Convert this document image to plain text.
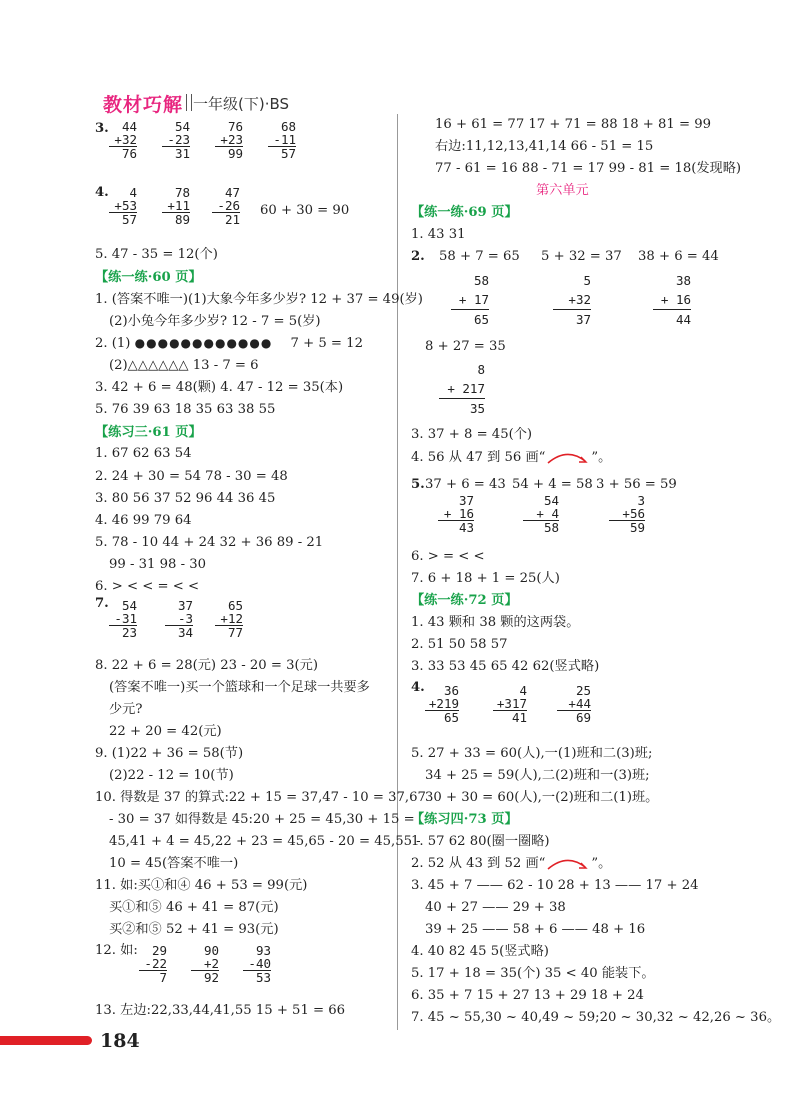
教材巧解 一年级(下)·BS
3.	44
+32
76
54
-23
31
76
+23
99
68
-11
57
4.	4
+53
57
78
+11
89
47
-26
21
60 + 30 = 90
5. 47 - 35 = 12(个)
【练一练·60 页】
1. (答案不唯一)(1)大象今年多少岁? 12 + 37 = 49(岁)
(2)小兔今年多少岁? 12 - 7 = 5(岁)
2. (1) ●●●●●●●●●●●● 7 + 5 = 12
(2)△△△△△△ 13 - 7 = 6
3. 42 + 6 = 48(颗) 4. 47 - 12 = 35(本)
5. 76 39 63 18 35 63 38 55
【练习三·61 页】
1. 67 62 63 54
2. 24 + 30 = 54 78 - 30 = 48
3. 80 56 37 52 96 44 36 45
4. 46 99 79 64
5. 78 - 10 44 + 24 32 + 36 89 - 21
99 - 31 98 - 30
6. > < < = < <
7.	54
-31
23
37
-3
34
65
+12
77
8. 22 + 6 = 28(元) 23 - 20 = 3(元)
(答案不唯一)买一个篮球和一个足球一共要多
少元?
22 + 20 = 42(元)
9. (1)22 + 36 = 58(节)
(2)22 - 12 = 10(节)
10. 得数是 37 的算式:22 + 15 = 37,47 - 10 = 37,67
- 30 = 37 如得数是 45:20 + 25 = 45,30 + 15 =
45,41 + 4 = 45,22 + 23 = 45,65 - 20 = 45,55 -
10 = 45(答案不唯一)
11. 如:买①和④ 46 + 53 = 99(元)
买①和⑤ 46 + 41 = 87(元)
买②和⑤ 52 + 41 = 93(元)
12. 如:	29
-22
7
90
+2
92
93
-40
53
13. 左边:22,33,44,41,55 15 + 51 = 66
16 + 61 = 77 17 + 71 = 88 18 + 81 = 99
右边:11,12,13,41,14 66 - 51 = 15
77 - 61 = 16 88 - 71 = 17 99 - 81 = 18(发现略)
第六单元
【练一练·69 页】
1. 43 31
2. 58 + 7 = 65 5 + 32 = 37 38 + 6 = 44
58
+ 17
65
5
+32
37
38
+ 16
44
8 + 27 = 35
8
+ 217
35
3. 37 + 8 = 45(个)
4. 56 从 47 到 56 画“	”。
5. 37 + 6 = 43 54 + 4 = 58 3 + 56 = 59
37
+ 16
43
54
+ 4
58
3
+56
59
6. > = < <
7. 6 + 18 + 1 = 25(人)
【练一练·72 页】
1. 43 颗和 38 颗的这两袋。
2. 51 50 58 57
3. 33 53 45 65 42 62(竖式略)
4.	36
+219
65
4
+317
41
25
+44
69
5. 27 + 33 = 60(人),一(1)班和二(3)班;
34 + 25 = 59(人),二(2)班和一(3)班;
30 + 30 = 60(人),一(2)班和二(1)班。
【练习四·73 页】
1. 57 62 80(圈一圈略)
2. 52 从 43 到 52 画“	”。
3. 45 + 7 —— 62 - 10 28 + 13 —— 17 + 24
40 + 27 —— 29 + 38
39 + 25 —— 58 + 6 —— 48 + 16
4. 40 82 45 5(竖式略)
5. 17 + 18 = 35(个) 35 < 40 能装下。
6. 35 + 7 15 + 27 13 + 29 18 + 24
7. 45 ~ 55,30 ~ 40,49 ~ 59;20 ~ 30,32 ~ 42,26 ~ 36。
184
